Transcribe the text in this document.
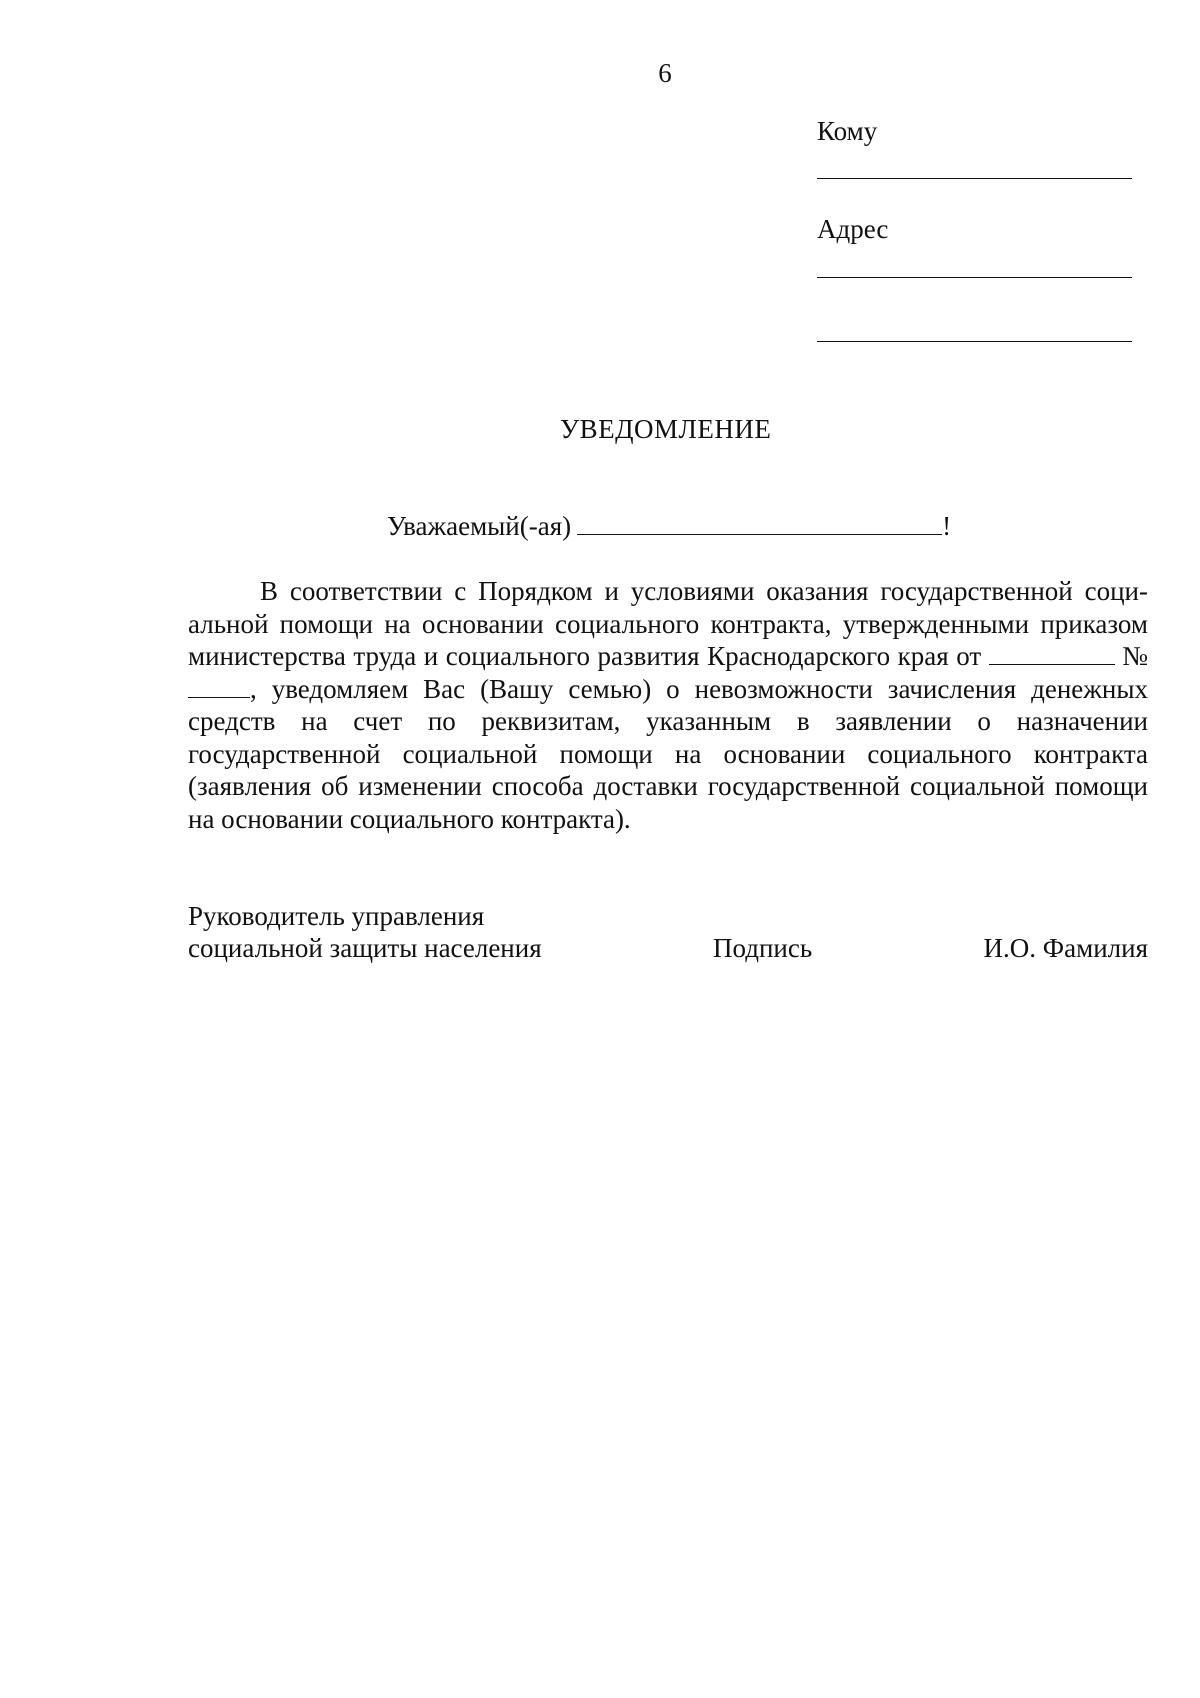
6
Кому
Адрес
УВЕДОМЛЕНИЕ
Уважаемый(-ая)	!
В соответствии с Порядком и условиями оказания государственной социальной помощи на основании социального контракта, утвержденными приказом министерства труда и социального развития Краснодарского края от	№ , уведомляем Вас (Вашу семью) о невозможности зачисления денежных средств на счет по реквизитам, указанным в заявлении о назначении государственной социальной помощи на основании социального контракта (заявления об изменении способа доставки государственной социальной помощи на основании социального контракта).
Руководитель управления
социальной защиты населения	Подпись	И.О. Фамилия
